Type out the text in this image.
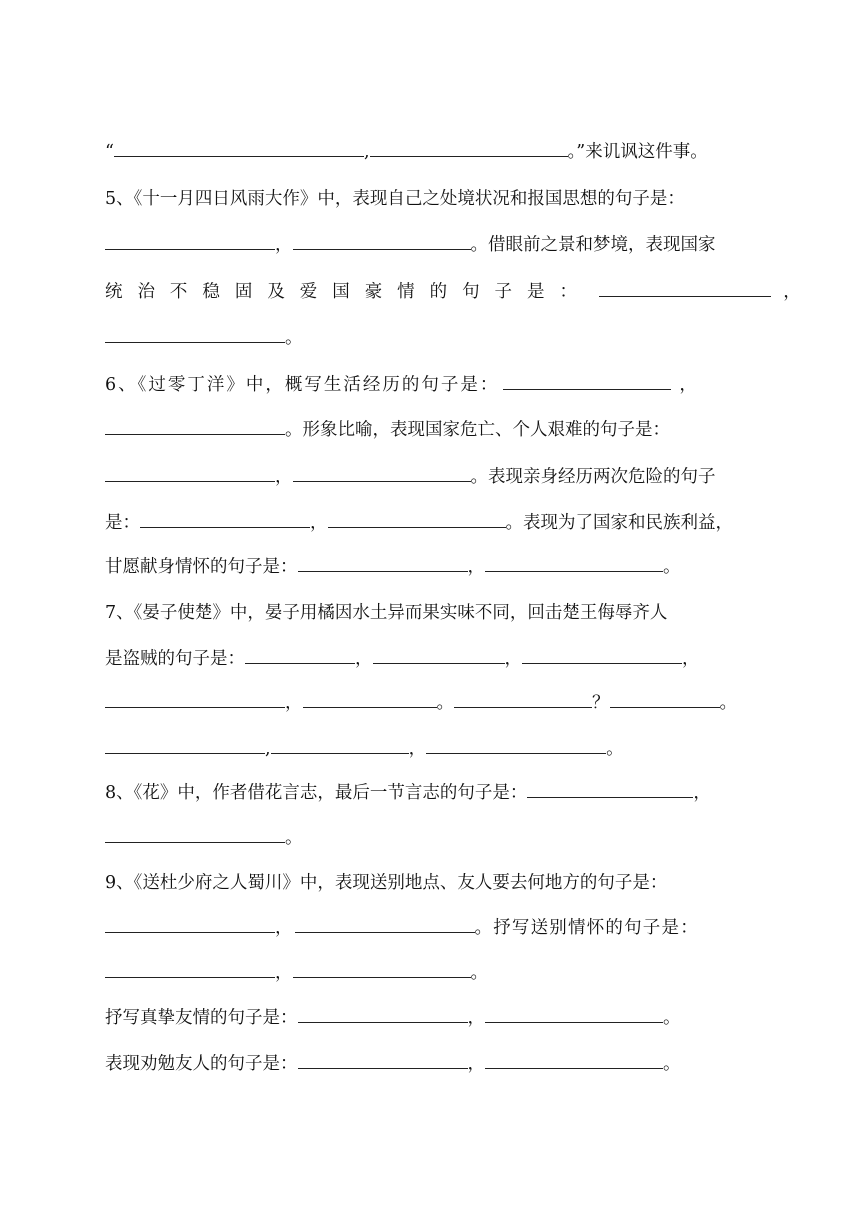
“	,	。”来讥讽这件事。
5、《十一月四日风雨大作》中，表现自己之处境状况和报国思想的句子是：
，	。借眼前之景和梦境，表现国家
统 治 不 稳 固 及 爱 国 豪 情 的 句 子 是 ：	，
。
6、《过零丁洋》中，概写生活经历的句子是：	，
。形象比喻，表现国家危亡、个人艰难的句子是：
，	。表现亲身经历两次危险的句子
是：	，	。表现为了国家和民族利益，
甘愿献身情怀的句子是：	，	。
7、《晏子使楚》中，晏子用橘因水土异而果实味不同，回击楚王侮辱齐人
是盗贼的句子是：	，	，	，
，	。	？	。
,	，	。
8、《花》中，作者借花言志，最后一节言志的句子是：	，
。
9、《送杜少府之人蜀川》中，表现送别地点、友人要去何地方的句子是：
，	。抒写送别情怀的句子是：
，	。
抒写真挚友情的句子是：	，	。
表现劝勉友人的句子是：	，	。
